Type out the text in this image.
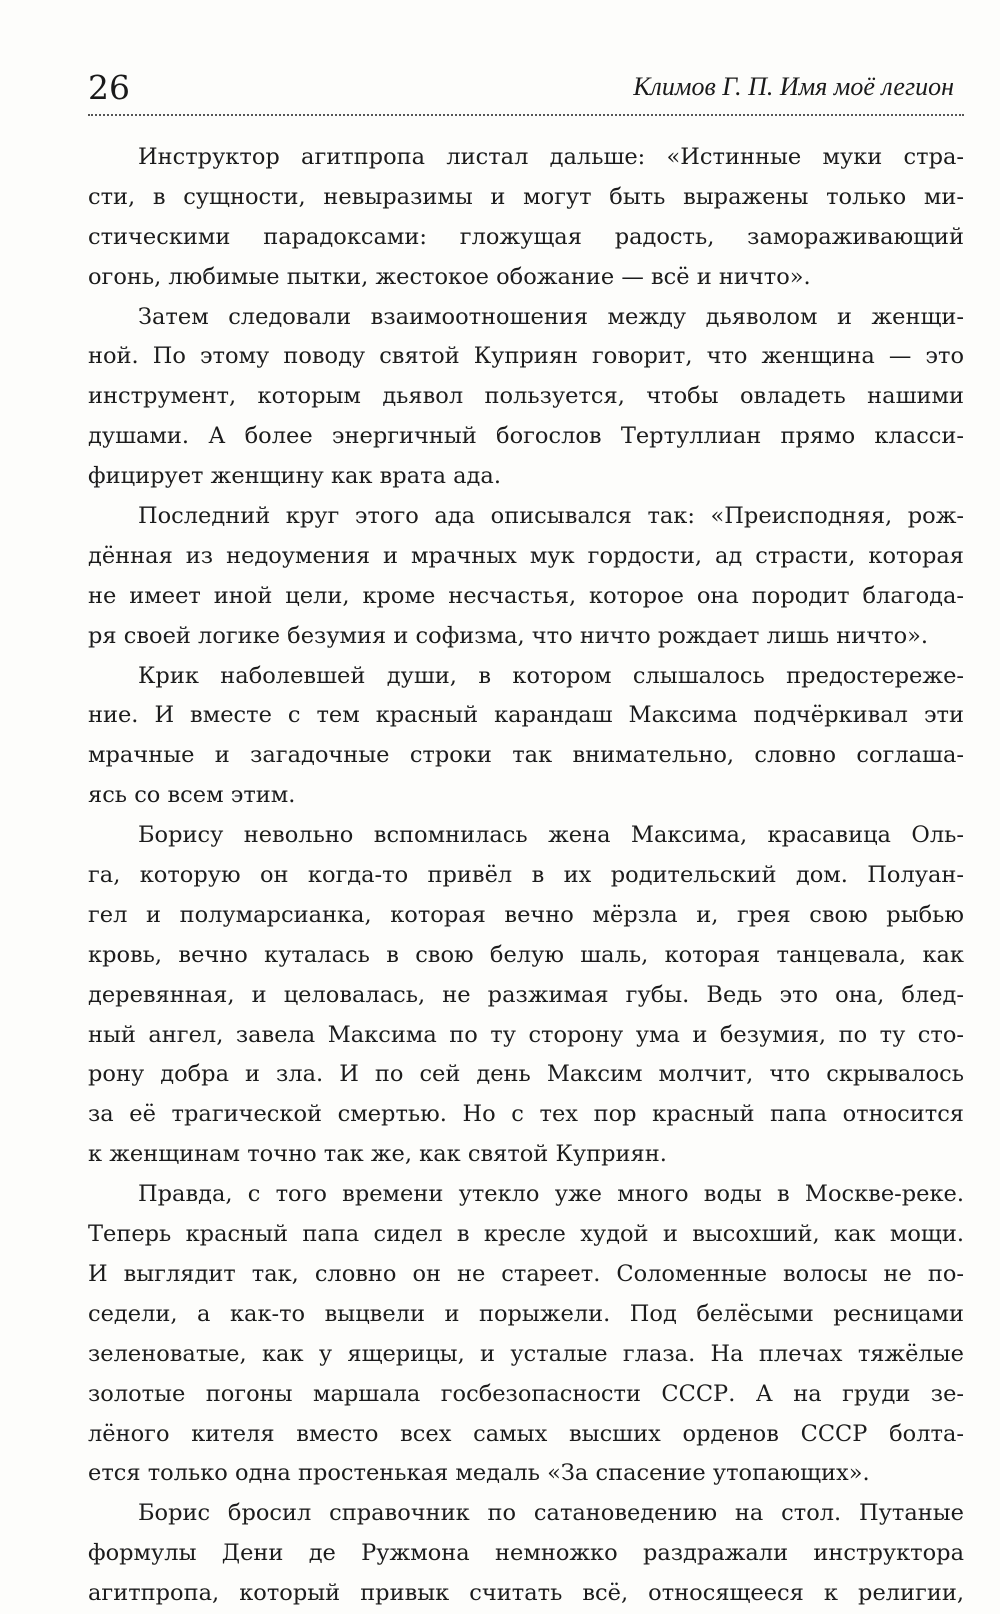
26	Климов Г. П. Имя моё легион
Инструктор агитпропа листал дальше: «Истинные муки стра-
сти, в сущности, невыразимы и могут быть выражены только ми-
стическими парадоксами: гложущая радость, замораживающий
огонь, любимые пытки, жестокое обожание — всё и ничто».
Затем следовали взаимоотношения между дьяволом и женщи-
ной. По этому поводу святой Куприян говорит, что женщина — это
инструмент, которым дьявол пользуется, чтобы овладеть нашими
душами. А более энергичный богослов Тертуллиан прямо класси-
фицирует женщину как врата ада.
Последний круг этого ада описывался так: «Преисподняя, рож-
дённая из недоумения и мрачных мук гордости, ад страсти, которая
не имеет иной цели, кроме несчастья, которое она породит благода-
ря своей логике безумия и софизма, что ничто рождает лишь ничто».
Крик наболевшей души, в котором слышалось предостереже-
ние. И вместе с тем красный карандаш Максима подчёркивал эти
мрачные и загадочные строки так внимательно, словно соглаша-
ясь со всем этим.
Борису невольно вспомнилась жена Максима, красавица Оль-
га, которую он когда-то привёл в их родительский дом. Полуан-
гел и полумарсианка, которая вечно мёрзла и, грея свою рыбью
кровь, вечно куталась в свою белую шаль, которая танцевала, как
деревянная, и целовалась, не разжимая губы. Ведь это она, блед-
ный ангел, завела Максима по ту сторону ума и безумия, по ту сто-
рону добра и зла. И по сей день Максим молчит, что скрывалось
за её трагической смертью. Но с тех пор красный папа относится
к женщинам точно так же, как святой Куприян.
Правда, с того времени утекло уже много воды в Москве-реке.
Теперь красный папа сидел в кресле худой и высохший, как мощи.
И выглядит так, словно он не стареет. Соломенные волосы не по-
седели, а как-то выцвели и порыжели. Под белёсыми ресницами
зеленоватые, как у ящерицы, и усталые глаза. На плечах тяжёлые
золотые погоны маршала госбезопасности СССР. А на груди зе-
лёного кителя вместо всех самых высших орденов СССР болта-
ется только одна простенькая медаль «За спасение утопающих».
Борис бросил справочник по сатановедению на стол. Путаные
формулы Дени де Ружмона немножко раздражали инструктора
агитпропа, который привык считать всё, относящееся к религии,
